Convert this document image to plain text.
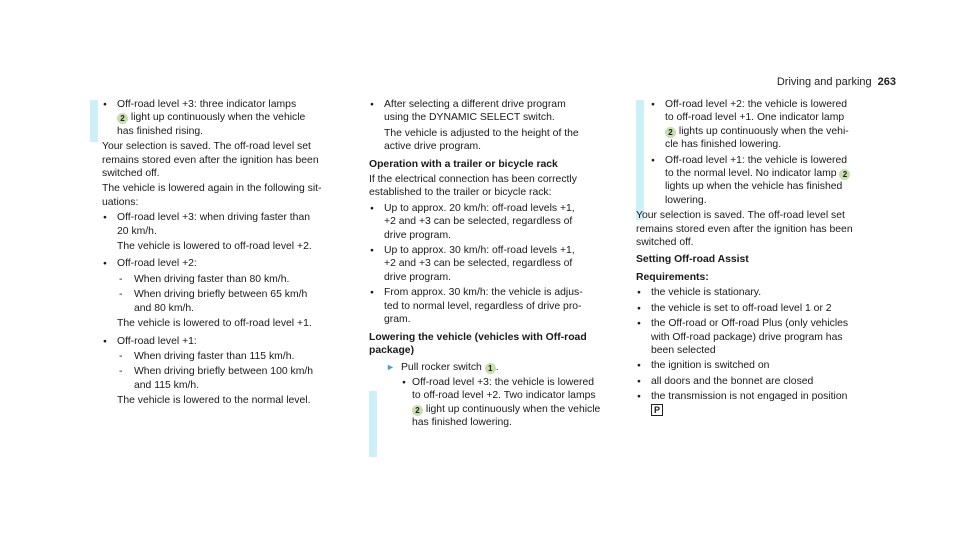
Driving and parking 263
● Off-road level +3: three indicator lamps
2 light up continuously when the vehicle
has finished rising.

Your selection is saved. The off-road level set
remains stored even after the ignition has been
switched off.

The vehicle is lowered again in the following sit-
uations:

● Off-road level +3: when driving faster than
20 km/h.
The vehicle is lowered to off-road level +2.
● Off-road level +2:
- When driving faster than 80 km/h.
- When driving briefly between 65 km/h
and 80 km/h.
The vehicle is lowered to off-road level +1.
● Off-road level +1:
- When driving faster than 115 km/h.
- When driving briefly between 100 km/h
and 115 km/h.
The vehicle is lowered to the normal level.
● After selecting a different drive program
using the DYNAMIC SELECT switch.
The vehicle is adjusted to the height of the
active drive program.
Operation with a trailer or bicycle rack

If the electrical connection has been correctly
established to the trailer or bicycle rack:

● Up to approx. 20 km/h: off-road levels +1,
+2 and +3 can be selected, regardless of
drive program.
● Up to approx. 30 km/h: off-road levels +1,
+2 and +3 can be selected, regardless of
drive program.
● From approx. 30 km/h: the vehicle is adjus-
ted to normal level, regardless of drive pro-
gram.
Lowering the vehicle (vehicles with Off-road
package)
► Pull rocker switch 1 .
● Off-road level +3: the vehicle is lowered
to off-road level +2. Two indicator lamps
2 light up continuously when the vehicle
has finished lowering.
● Off-road level +2: the vehicle is lowered
to off-road level +1. One indicator lamp
2 lights up continuously when the vehi-
cle has finished lowering.
● Off-road level +1: the vehicle is lowered
to the normal level. No indicator lamp 2
lights up when the vehicle has finished
lowering.

Your selection is saved. The off-road level set
remains stored even after the ignition has been
switched off.

Setting Off-road Assist
Requirements:
● the vehicle is stationary.
● the vehicle is set to off-road level 1 or 2
● the Off-road or Off-road Plus (only vehicles
with Off-road package) drive program has
been selected
● the ignition is switched on
● all doors and the bonnet are closed
● the transmission is not engaged in position
P
